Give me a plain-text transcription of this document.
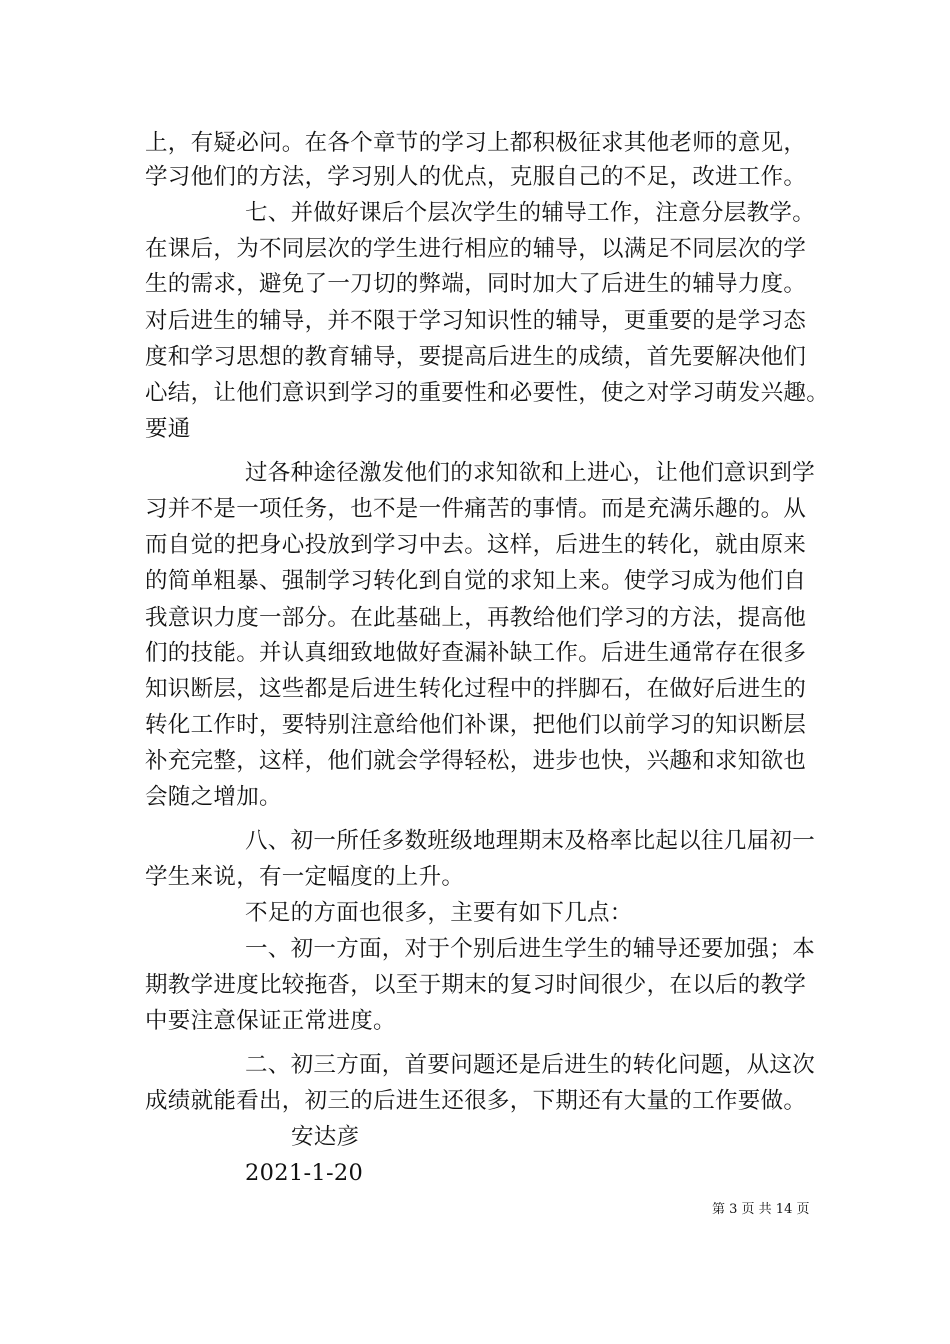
上，有疑必问。在各个章节的学习上都积极征求其他老师的意见，

学习他们的方法，学习别人的优点，克服自己的不足，改进工作。

七、并做好课后个层次学生的辅导工作，注意分层教学。

在课后，为不同层次的学生进行相应的辅导，以满足不同层次的学

生的需求，避免了一刀切的弊端，同时加大了后进生的辅导力度。

对后进生的辅导，并不限于学习知识性的辅导，更重要的是学习态

度和学习思想的教育辅导，要提高后进生的成绩，首先要解决他们

心结，让他们意识到学习的重要性和必要性，使之对学习萌发兴趣。

要通

过各种途径激发他们的求知欲和上进心，让他们意识到学

习并不是一项任务，也不是一件痛苦的事情。而是充满乐趣的。从

而自觉的把身心投放到学习中去。这样，后进生的转化，就由原来

的简单粗暴、强制学习转化到自觉的求知上来。使学习成为他们自

我意识力度一部分。在此基础上，再教给他们学习的方法，提高他

们的技能。并认真细致地做好查漏补缺工作。后进生通常存在很多

知识断层，这些都是后进生转化过程中的拌脚石，在做好后进生的

转化工作时，要特别注意给他们补课，把他们以前学习的知识断层

补充完整，这样，他们就会学得轻松，进步也快，兴趣和求知欲也

会随之增加。

八、初一所任多数班级地理期末及格率比起以往几届初一

学生来说，有一定幅度的上升。

不足的方面也很多，主要有如下几点：

一、初一方面，对于个别后进生学生的辅导还要加强；本

期教学进度比较拖沓，以至于期末的复习时间很少，在以后的教学

中要注意保证正常进度。

二、初三方面，首要问题还是后进生的转化问题，从这次

成绩就能看出，初三的后进生还很多，下期还有大量的工作要做。

安达彦

2021-1-20

第 3 页 共 14 页
